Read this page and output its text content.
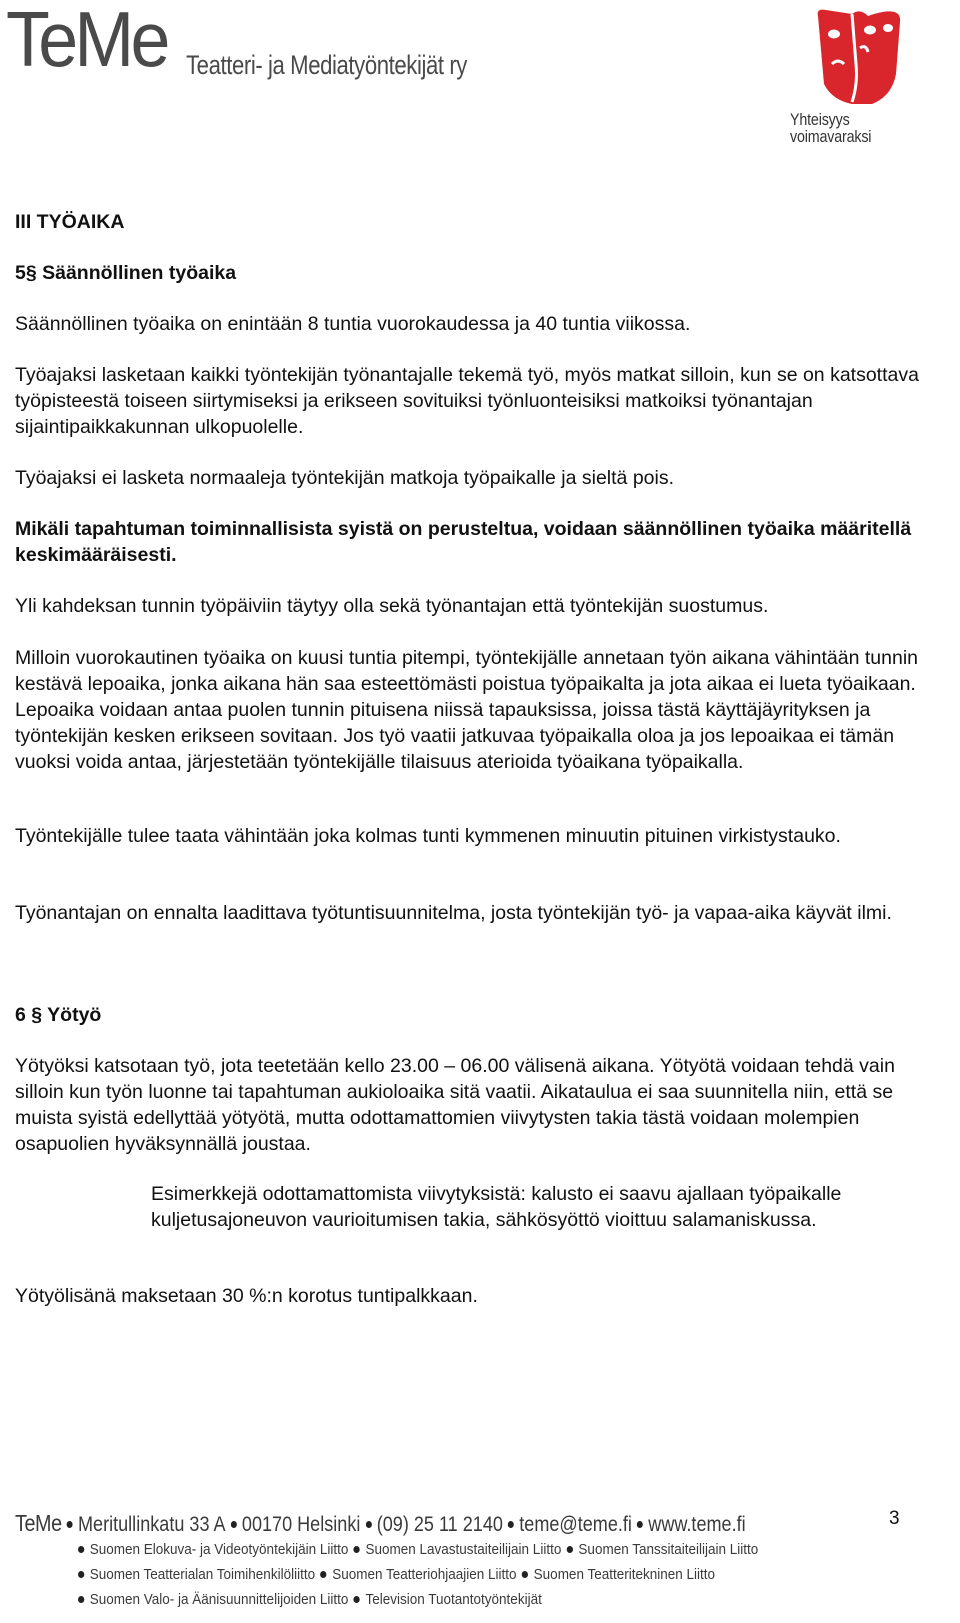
TeMe Teatteri- ja Mediatyöntekijät ry
Yhteisyys voimavaraksi

III TYÖAIKA

5§ Säännöllinen työaika

Säännöllinen työaika on enintään 8 tuntia vuorokaudessa ja 40 tuntia viikossa.

Työajaksi lasketaan kaikki työntekijän työnantajalle tekemä työ, myös matkat silloin, kun se on katsottava työpisteestä toiseen siirtymiseksi ja erikseen sovituiksi työnluonteisiksi matkoiksi työnantajan sijaintipaikkakunnan ulkopuolelle.

Työajaksi ei lasketa normaaleja työntekijän matkoja työpaikalle ja sieltä pois.

Mikäli tapahtuman toiminnallisista syistä on perusteltua, voidaan säännöllinen työaika määritellä keskimääräisesti.

Yli kahdeksan tunnin työpäiviin täytyy olla sekä työnantajan että työntekijän suostumus.

Milloin vuorokautinen työaika on kuusi tuntia pitempi, työntekijälle annetaan työn aikana vähintään tunnin kestävä lepoaika, jonka aikana hän saa esteettömästi poistua työpaikalta ja jota aikaa ei lueta työaikaan. Lepoaika voidaan antaa puolen tunnin pituisena niissä tapauksissa, joissa tästä käyttäjäyrityksen ja työntekijän kesken erikseen sovitaan. Jos työ vaatii jatkuvaa työpaikalla oloa ja jos lepoaikaa ei tämän vuoksi voida antaa, järjestetään työntekijälle tilaisuus aterioida työaikana työpaikalla.

Työntekijälle tulee taata vähintään joka kolmas tunti kymmenen minuutin pituinen virkistystauko.

Työnantajan on ennalta laadittava työtuntisuunnitelma, josta työntekijän työ- ja vapaa-aika käyvät ilmi.

6 § Yötyö

Yötyöksi katsotaan työ, jota teetetään kello 23.00 – 06.00 välisenä aikana. Yötyötä voidaan tehdä vain silloin kun työn luonne tai tapahtuman aukioloaika sitä vaatii. Aikataulua ei saa suunnitella niin, että se muista syistä edellyttää yötyötä, mutta odottamattomien viivytysten takia tästä voidaan molempien osapuolien hyväksynnällä joustaa.

Esimerkkejä odottamattomista viivytyksistä: kalusto ei saavu ajallaan työpaikalle kuljetusajoneuvon vaurioitumisen takia, sähkösyöttö vioittuu salamaniskussa.

Yötyölisänä maksetaan 30 %:n korotus tuntipalkkaan.

TeMe Meritullinkatu 33 A 00170 Helsinki (09) 25 11 2140 teme@teme.fi www.teme.fi	3
Suomen Elokuva- ja Videotyöntekijäin Liitto Suomen Lavastustaiteilijain Liitto Suomen Tanssitaiteilijain Liitto
Suomen Teatterialan Toimihenkilöliitto Suomen Teatteriohjaajien Liitto Suomen Teatteritekninen Liitto
Suomen Valo- ja Äänisuunnittelijoiden Liitto Television Tuotantotyöntekijät
